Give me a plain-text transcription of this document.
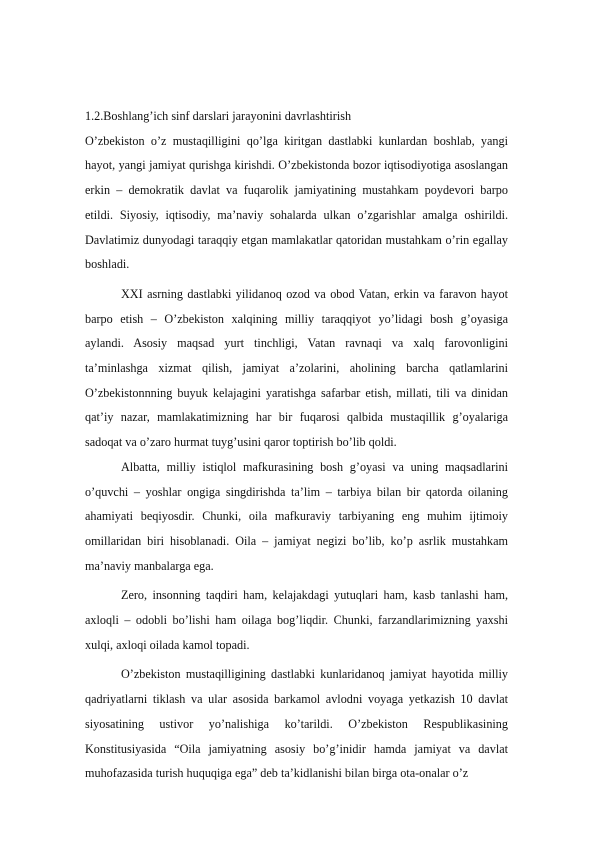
1.2.Boshlang’ich sinf darslari jarayonini davrlashtirish

O’zbekiston o’z mustaqilligini qo’lga kiritgan dastlabki kunlardan boshlab, yangi hayot, yangi jamiyat qurishga kirishdi. O’zbekistonda bozor iqtisodiyotiga asoslangan erkin – demokratik davlat va fuqarolik jamiyatining mustahkam poydevori barpo etildi. Siyosiy, iqtisodiy, ma’naviy sohalarda ulkan o’zgarishlar amalga oshirildi. Davlatimiz dunyodagi taraqqiy etgan mamlakatlar qatoridan mustahkam o’rin egallay boshladi.

XXI asrning dastlabki yilidanoq ozod va obod Vatan, erkin va faravon hayot barpo etish – O’zbekiston xalqining milliy taraqqiyot yo’lidagi bosh g’oyasiga aylandi. Asosiy maqsad yurt tinchligi, Vatan ravnaqi va xalq farovonligini ta’minlashga xizmat qilish, jamiyat a’zolarini, aholining barcha qatlamlarini O’zbekistonnning buyuk kelajagini yaratishga safarbar etish, millati, tili va dinidan qat’iy nazar, mamlakatimizning har bir fuqarosi qalbida mustaqillik g’oyalariga sadoqat va o’zaro hurmat tuyg’usini qaror toptirish bo’lib qoldi.

Albatta, milliy istiqlol mafkurasining bosh g’oyasi va uning maqsadlarini o’quvchi – yoshlar ongiga singdirishda ta’lim – tarbiya bilan bir qatorda oilaning ahamiyati beqiyosdir. Chunki, oila mafkuraviy tarbiyaning eng muhim ijtimoiy omillaridan biri hisoblanadi. Oila – jamiyat negizi bo’lib, ko’p asrlik mustahkam ma’naviy manbalarga ega.

Zero, insonning taqdiri ham, kelajakdagi yutuqlari ham, kasb tanlashi ham, axloqli – odobli bo’lishi ham oilaga bog’liqdir. Chunki, farzandlarimizning yaxshi xulqi, axloqi oilada kamol topadi.

O’zbekiston mustaqilligining dastlabki kunlaridanoq jamiyat hayotida milliy qadriyatlarni tiklash va ular asosida barkamol avlodni voyaga yetkazish 10 davlat siyosatining ustivor yo’nalishiga ko’tarildi. O’zbekiston Respublikasining Konstitusiyasida “Oila jamiyatning asosiy bo’g’inidir hamda jamiyat va davlat muhofazasida turish huquqiga ega” deb ta’kidlanishi bilan birga ota-onalar o’z
